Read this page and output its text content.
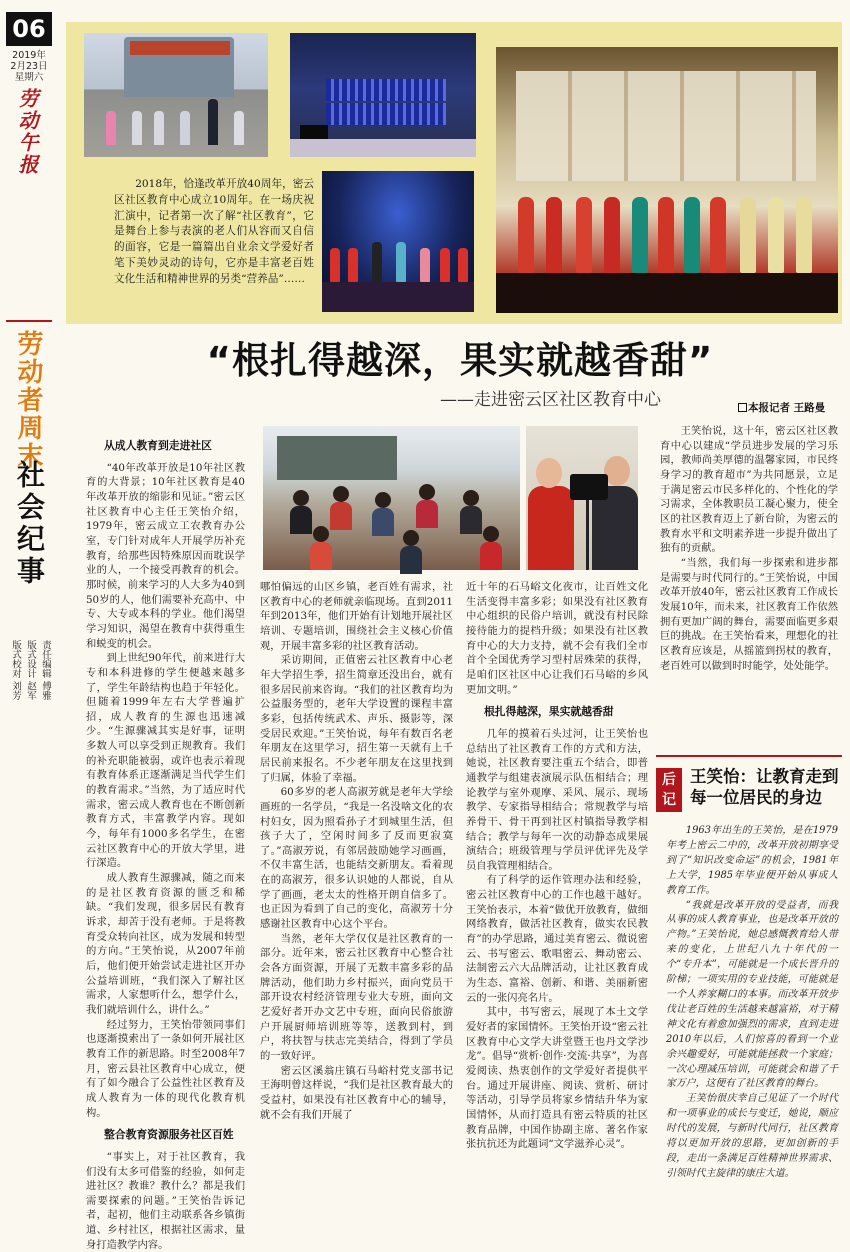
06
2019年
2月23日
星期六
劳动午报
劳动者周末
社会纪事
责任编辑 傅雅
版式设计 赵军
版式校对 刘芳

2018年，恰逢改革开放40周年，密云区社区教育中心成立10周年。在一场庆祝汇演中，记者第一次了解“社区教育”，它是舞台上参与表演的老人们从容而又自信的面容，它是一篇篇出自业余文学爱好者笔下美妙灵动的诗句，它亦是丰富老百姓文化生活和精神世界的另类“营养品”……

“根扎得越深，果实就越香甜”
——走进密云区社区教育中心	本报记者 王路曼

从成人教育到走进社区

“40年改革开放是10年社区教育的大背景；10年社区教育是40年改革开放的缩影和见证。”密云区社区教育中心主任王笑怡介绍，1979年，密云成立工农教育办公室，专门针对成年人开展学历补充教育，给那些因特殊原因而耽误学业的人，一个接受再教育的机会。那时候，前来学习的人大多为40到50岁的人，他们需要补充高中、中专、大专或本科的学业。他们渴望学习知识，渴望在教育中获得重生和蜕变的机会。

到上世纪90年代，前来进行大专和本科进修的学生便越来越多了，学生年龄结构也趋于年轻化。但随着1999年左右大学普遍扩招，成人教育的生源也迅速减少。“生源骤减其实是好事，证明多数人可以享受到正规教育。我们的补充职能被弱，或许也表示着现有教育体系正逐渐满足当代学生们的教育需求。”当然，为了适应时代需求，密云成人教育也在不断创新教育方式，丰富教学内容。现如今，每年有1000多名学生，在密云社区教育中心的开放大学里，进行深造。

成人教育生源骤减，随之而来的是社区教育资源的匮乏和稀缺。“我们发现，很多居民有教育诉求，却苦于没有老师。于是将教育受众转向社区，成为发展和转型的方向。”王笑怡说，从2007年前后，他们便开始尝试走进社区开办公益培训班，“我们深入了解社区需求，人家想听什么，想学什么，我们就培训什么，讲什么。”

经过努力，王笑怡带领同事们也逐渐摸索出了一条如何开展社区教育工作的新思路。时至2008年7月，密云县社区教育中心成立，便有了如今融合了公益性社区教育及成人教育为一体的现代化教育机构。

整合教育资源服务社区百姓

“事实上，对于社区教育，我们没有太多可借鉴的经验，如何走进社区？教谁？教什么？都是我们需要探索的问题。”王笑怡告诉记者，起初，他们主动联系各乡镇街道、乡村社区，根据社区需求，量身打造教学内容。

哪怕偏远的山区乡镇，老百姓有需求，社区教育中心的老师就亲临现场。直到2011年到2013年，他们开始有计划地开展社区培训、专题培训，围绕社会主义核心价值观，开展丰富多彩的社区教育活动。

采访期间，正值密云社区教育中心老年大学招生季，招生简章还没出台，就有很多居民前来咨询。“我们的社区教育均为公益服务型的，老年大学设置的课程丰富多彩，包括传统武术、声乐、摄影等，深受居民欢迎。”王笑怡说，每年有数百名老年朋友在这里学习，招生第一天就有上千居民前来报名。不少老年朋友在这里找到了归属，体验了幸福。

60多岁的老人高淑芳就是老年大学绘画班的一名学员，“我是一名没啥文化的农村妇女，因为照看孙子才到城里生活，但孩子大了，空闲时间多了反而更寂寞了。”高淑芳说，有邻居鼓励她学习画画，不仅丰富生活，也能结交新朋友。看着现在的高淑芳，很多认识她的人都说，自从学了画画，老太太的性格开朗自信多了。也正因为看到了自己的变化，高淑芳十分感谢社区教育中心这个平台。

当然，老年大学仅仅是社区教育的一部分。近年来，密云社区教育中心整合社会各方面资源，开展了无数丰富多彩的品牌活动，他们助力乡村振兴，面向党员干部开设农村经济管理专业大专班，面向文艺爱好者开办文艺中专班，面向民俗旅游户开展厨师培训班等等，送教到村，到户，将扶智与扶志完美结合，得到了学员的一致好评。

密云区溪翁庄镇石马峪村党支部书记王海明曾这样说，“我们是社区教育最大的受益村，如果没有社区教育中心的辅导，就不会有我们开展了

近十年的石马峪文化夜市，让百姓文化生活变得丰富多彩；如果没有社区教育中心组织的民俗户培训，就没有村民除接待能力的提档升级；如果没有社区教育中心的大力支持，就不会有我们全市首个全国优秀学习型村居殊荣的获得，是咱们区社区中心让我们石马峪的乡风更加文明。”

根扎得越深，果实就越香甜

几年的摸着石头过河，让王笑怡也总结出了社区教育工作的方式和方法，她说，社区教育要注重五个结合，即普通教学与组建表演展示队伍相结合；理论教学与室外观摩、采风、展示、现场教学、专家指导相结合；常规教学与培养骨干、骨干再到社区村镇指导教学相结合；教学与每年一次的动静态成果展演结合；班级管理与学员评优评先及学员自我管理相结合。

有了科学的运作管理办法和经验，密云社区教育中心的工作也越干越好。王笑怡表示，本着“做优开放教育，做细网络教育，做活社区教育，做实农民教育”的办学思路，通过美育密云、微说密云、书写密云、歌唱密云、舞动密云、法制密云六大品牌活动，让社区教育成为生态、富裕、创新、和谐、美丽新密云的一张闪亮名片。

其中，书写密云，展现了本土文学爱好者的家国情怀。王笑怡开设“密云社区教育中心文学大讲堂暨王也丹文学沙龙”。倡导“赏析·创作·交流·共享”，为喜爱阅读、热衷创作的文学爱好者提供平台。通过开展讲座、阅读、赏析、研讨等活动，引导学员将家乡情结升华为家国情怀，从而打造具有密云特质的社区教育品牌，中国作协副主席、著名作家张抗抗还为此题词“文学滋养心灵”。

王笑怡说，这十年，密云区社区教育中心以建成“学员进步发展的学习乐园，教师尚美厚德的温馨家园，市民终身学习的教育超市”为共同愿景，立足于满足密云市民多样化的、个性化的学习需求，全体教职员工凝心聚力，使全区的社区教育迈上了新台阶，为密云的教育水平和文明素养进一步提升做出了独有的贡献。

“当然，我们每一步探索和进步都是需要与时代同行的。”王笑怡说，中国改革开放40年，密云社区教育工作成长发展10年，而未来，社区教育工作依然拥有更加广阔的舞台，需要面临更多艰巨的挑战。在王笑怡看来，理想化的社区教育应该是，从摇篮到拐杖的教育，老百姓可以做到时时能学，处处能学。

后记
王笑怡：让教育走到每一位居民的身边

1963年出生的王笑怡，是在1979年考上密云二中的，改革开放初期享受到了“知识改变命运”的机会，1981年上大学，1985年毕业便开始从事成人教育工作。

“我就是改革开放的受益者，而我从事的成人教育事业，也是改革开放的产物。”王笑怡说，她总感慨教育给人带来的变化，上世纪八九十年代的一个“专升本”，可能就是一个成长晋升的阶梯；一项实用的专业技能，可能就是一个人养家糊口的本事。而改革开放步伐让老百姓的生活越来越富裕，对于精神文化有着愈加强烈的需求，直到走进2010年以后，人们惊喜的看到一个业余兴趣爱好，可能就能拯救一个家庭；一次心理减压培训，可能就会和谐了千家万户，这便有了社区教育的舞台。

王笑怡很庆幸自己见证了一个时代和一项事业的成长与变迁，她说，顺应时代的发展，与新时代同行，社区教育将以更加开放的思路，更加创新的手段，走出一条满足百姓精神世界需求、引领时代主旋律的康庄大道。
